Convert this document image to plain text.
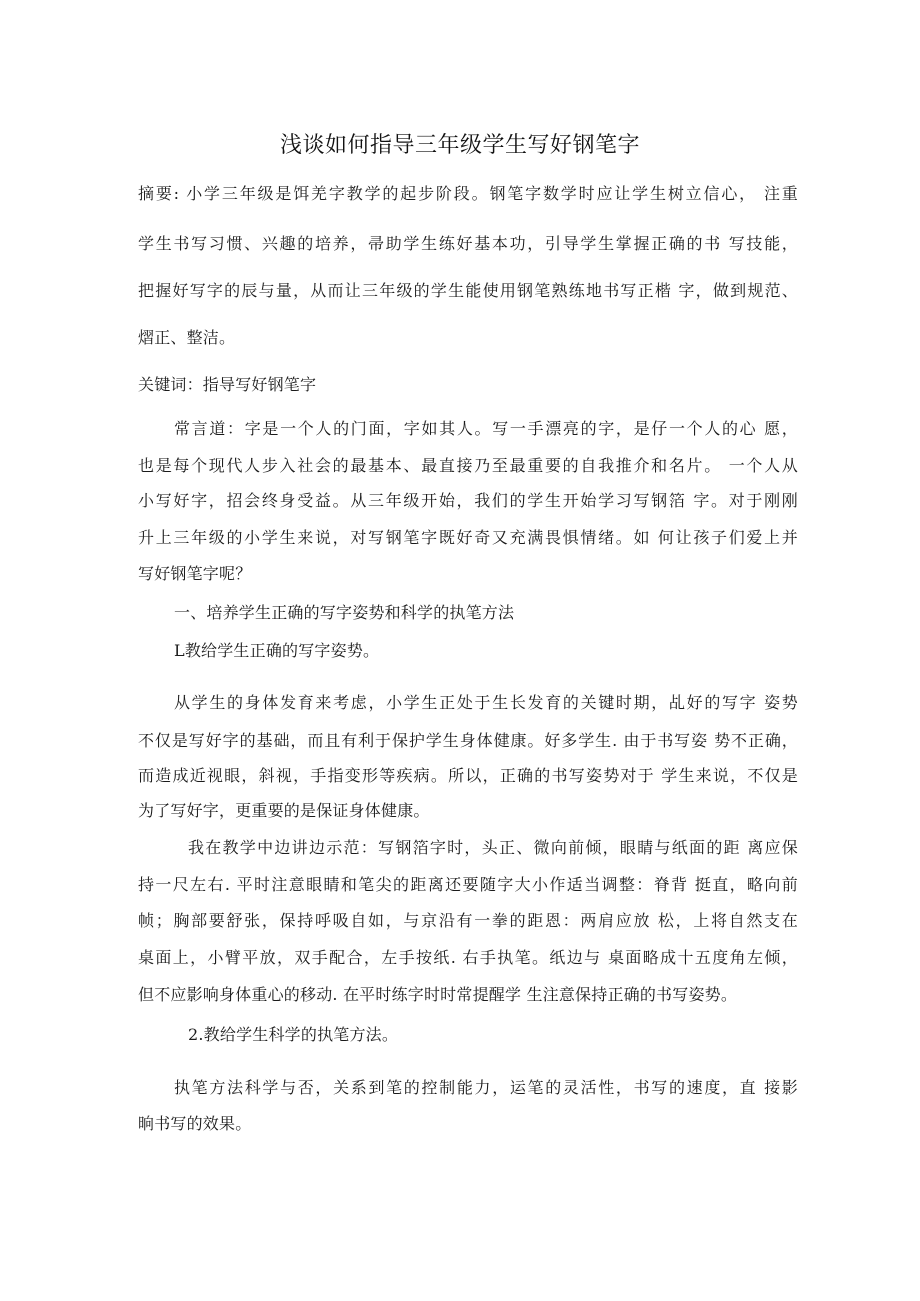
浅谈如何指导三年级学生写好钢笔字
摘要: 小学三年级是饵羌字教学的起步阶段。钢笔字数学时应让学生树立信心， 注重
学生书写习惯、兴趣的培养，帚助学生练好基本功，引导学生掌握正确的书 写技能，
把握好写字的辰与量，从而让三年级的学生能使用钢笔熟练地书写正楷 字，做到规范、
熠正、整洁。
关键词：指导写好钢笔字
常言道：字是一个人的门面，字如其人。写一手漂亮的字，是仔一个人的心 愿，
也是每个现代人步入社会的最基本、最直接乃至最重要的自我推介和名片。 一个人从
小写好字，招会终身受益。从三年级开始，我们的学生开始学习写钢箔 字。对于刚刚
升上三年级的小学生来说，对写钢笔字既好奇又充满畏惧情绪。如 何让孩子们爱上并
写好钢笔字呢？
一、培养学生正确的写字姿势和科学的执笔方法
L教给学生正确的写字姿势。
从学生的身体发育来考虑，小学生正处于生长发育的关键时期，乩好的写字 姿势
不仅是写好字的基础，而且有利于保护学生身体健康。好多学生. 由于书写姿 势不正确，
而造成近视眼，斜视，手指变形等疾病。所以，正确的书写姿势对于 学生来说，不仅是
为了写好字，更重要的是保证身体健康。
我在教学中边讲边示范：写钢箔字时，头正、微向前倾，眼睛与纸面的距 离应保
持一尺左右. 平时注意眼睛和笔尖的距离还要随字大小作适当调整：脊背 挺直，略向前
帧；胸部要舒张，保持呼吸自如，与京沿有一拳的距恩：两肩应放 松，上将自然支在
桌面上，小臂平放，双手配合，左手按纸. 右手执笔。纸边与 桌面略成十五度角左倾，
但不应影响身体重心的移动. 在平时练字时时常提醒学 生注意保持正确的书写姿势。
2.教给学生科学的执笔方法。
执笔方法科学与否，关系到笔的控制能力，运笔的灵活性，书写的速度，直 接影
晌书写的效果。
